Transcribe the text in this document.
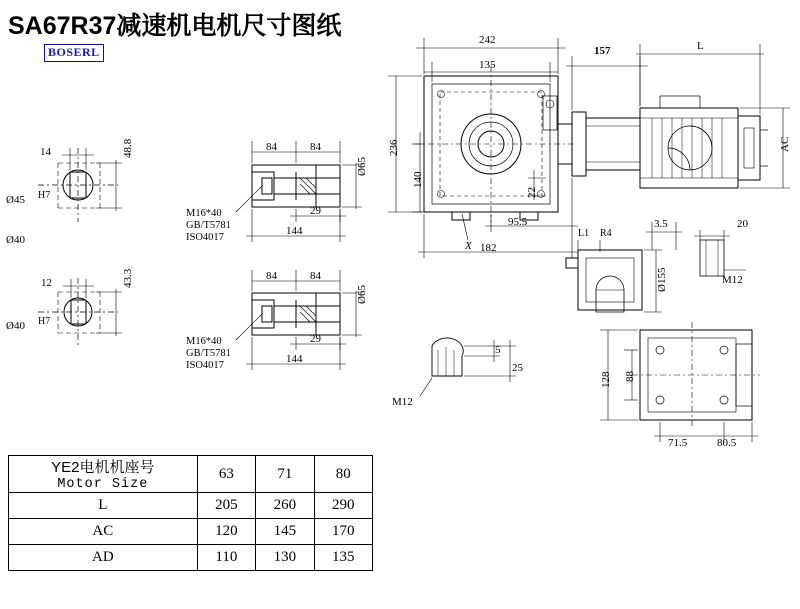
SA67R37减速机电机尺寸图纸
BOSERL
14
Ø45 H7
Ø40
48.8
12
Ø40 H7
43.3
84	84
29
144
Ø65
M16*40
GB/T5781
ISO4017
84	84
29
144
Ø65
M16*40
GB/T5781
ISO4017
242
135
157	L
AC
236
140
22
95.5
182
X
L1 R4
3.5	20
Ø155	M12
5
25
M12
128 88
71.5	80.5
YE2电机机座号
Motor Size	63	71	80

L	205	260	290
AC	120	145	170
AD	110	130	135
